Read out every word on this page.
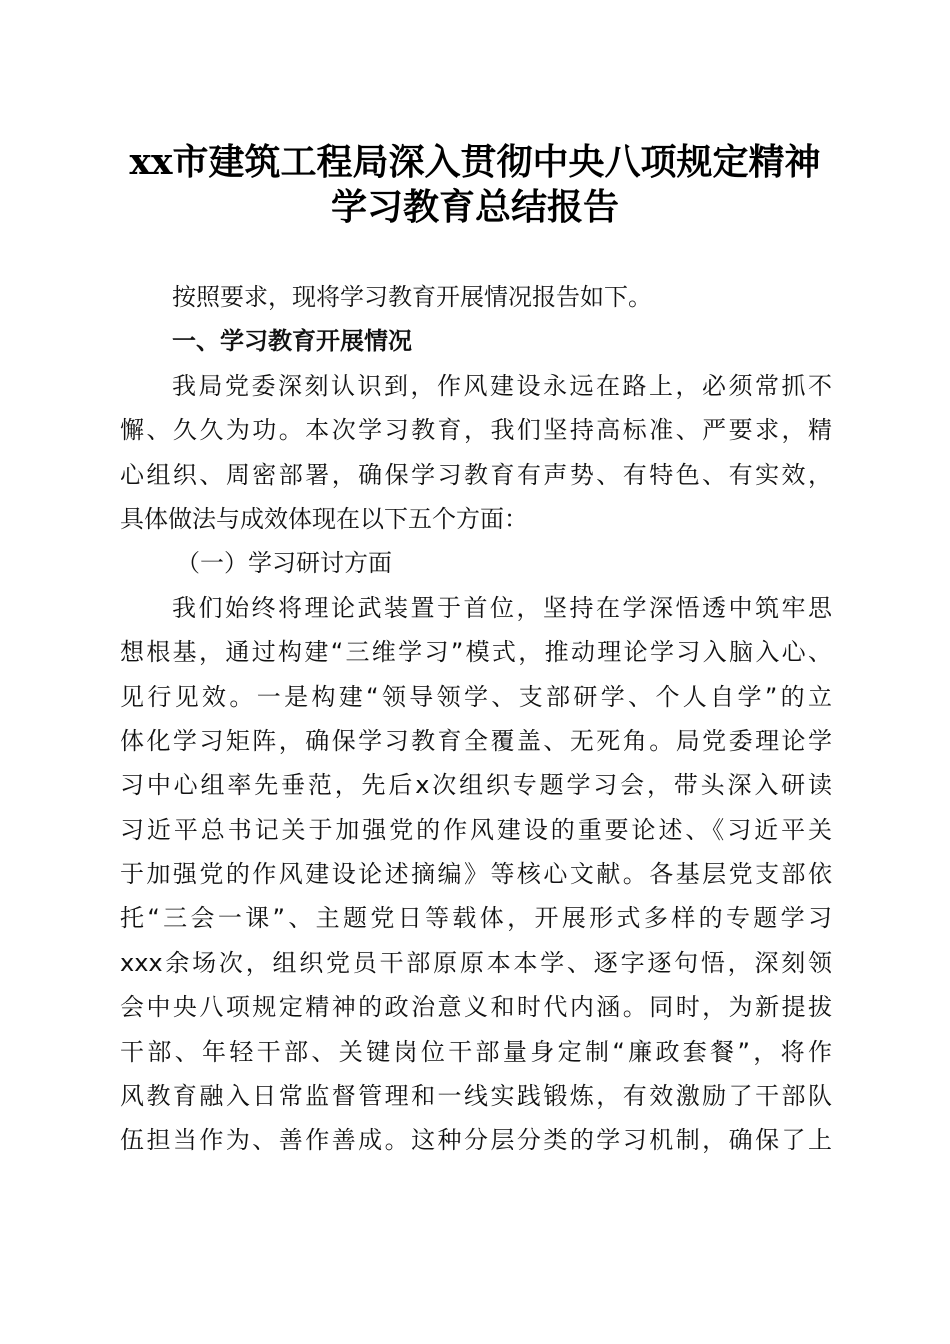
xx市建筑工程局深入贯彻中央八项规定精神
学习教育总结报告
按照要求，现将学习教育开展情况报告如下。
一、学习教育开展情况
我局党委深刻认识到，作风建设永远在路上，必须常抓不
懈、久久为功。本次学习教育，我们坚持高标准、严要求，精
心组织、周密部署，确保学习教育有声势、有特色、有实效，
具体做法与成效体现在以下五个方面：
（一）学习研讨方面
我们始终将理论武装置于首位，坚持在学深悟透中筑牢思
想根基，通过构建“三维学习”模式，推动理论学习入脑入心、
见行见效。一是构建“领导领学、支部研学、个人自学”的立
体化学习矩阵，确保学习教育全覆盖、无死角。局党委理论学
习中心组率先垂范，先后x次组织专题学习会，带头深入研读
习近平总书记关于加强党的作风建设的重要论述、《习近平关
于加强党的作风建设论述摘编》等核心文献。各基层党支部依
托“三会一课”、主题党日等载体，开展形式多样的专题学习
xxx余场次，组织党员干部原原本本学、逐字逐句悟，深刻领
会中央八项规定精神的政治意义和时代内涵。同时，为新提拔
干部、年轻干部、关键岗位干部量身定制“廉政套餐”，将作
风教育融入日常监督管理和一线实践锻炼，有效激励了干部队
伍担当作为、善作善成。这种分层分类的学习机制，确保了上
